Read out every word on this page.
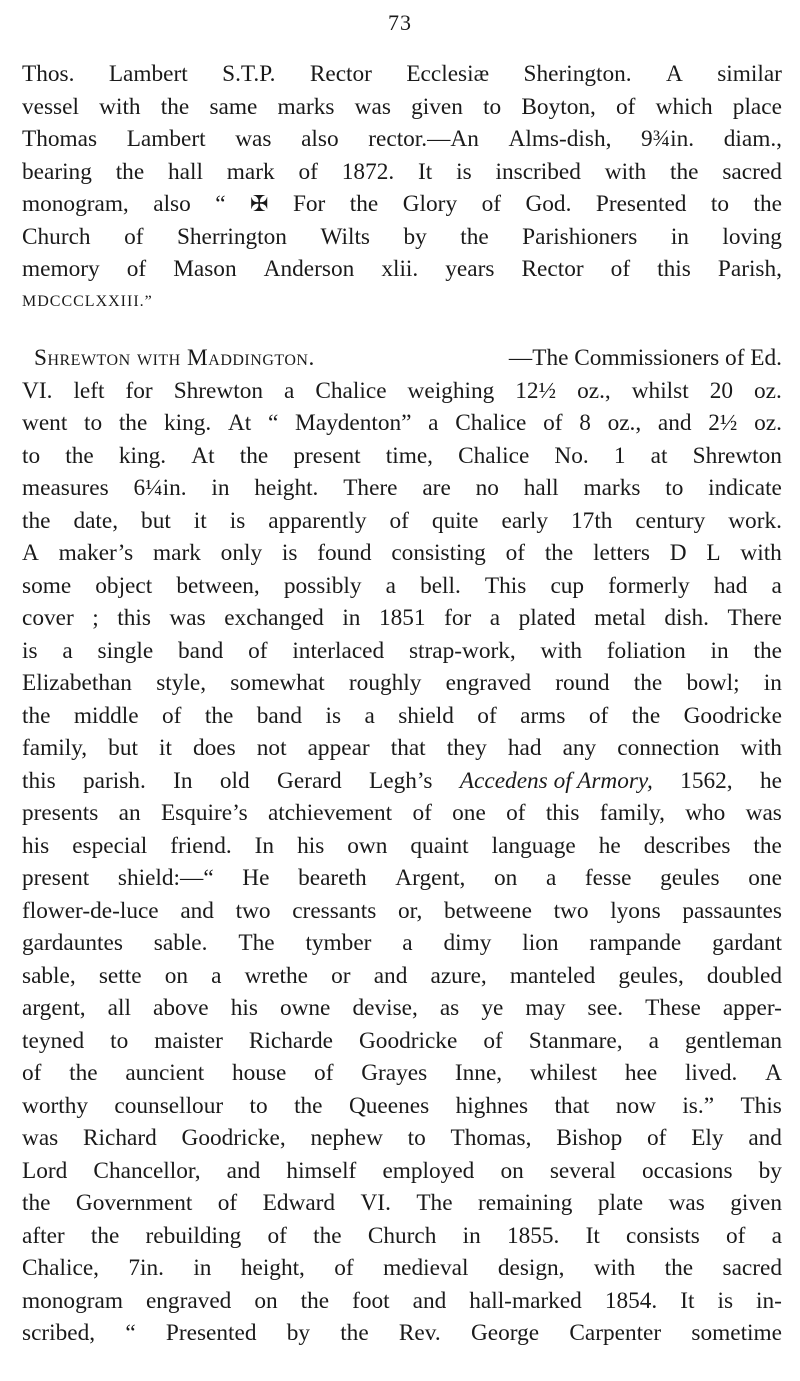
73
Thos. Lambert S.T.P. Rector Ecclesiæ Sherington. A similar
vessel with the same marks was given to Boyton, of which place
Thomas Lambert was also rector.—An Alms-dish, 9¾in. diam.,
bearing the hall mark of 1872. It is inscribed with the sacred
monogram, also “ ✠ For the Glory of God. Presented to the
Church of Sherrington Wilts by the Parishioners in loving
memory of Mason Anderson xlii. years Rector of this Parish,
MDCCCLXXIII.”
Shrewton with Maddington.	—The Commissioners of Ed.
VI. left for Shrewton a Chalice weighing 12½ oz., whilst 20 oz.
went to the king. At “ Maydenton” a Chalice of 8 oz., and 2½ oz.
to the king. At the present time, Chalice No. 1 at Shrewton
measures 6¼in. in height. There are no hall marks to indicate
the date, but it is apparently of quite early 17th century work.
A maker’s mark only is found consisting of the letters D L with
some object between, possibly a bell. This cup formerly had a
cover ; this was exchanged in 1851 for a plated metal dish. There
is a single band of interlaced strap-work, with foliation in the
Elizabethan style, somewhat roughly engraved round the bowl; in
the middle of the band is a shield of arms of the Goodricke
family, but it does not appear that they had any connection with
this parish. In old Gerard Legh’s Accedens of Armory, 1562, he
presents an Esquire’s atchievement of one of this family, who was
his especial friend. In his own quaint language he describes the
present shield:—“ He beareth Argent, on a fesse geules one
flower-de-luce and two cressants or, betweene two lyons passauntes
gardauntes sable. The tymber a dimy lion rampande gardant
sable, sette on a wrethe or and azure, manteled geules, doubled
argent, all above his owne devise, as ye may see. These apper-
teyned to maister Richarde Goodricke of Stanmare, a gentleman
of the auncient house of Grayes Inne, whilest hee lived. A
worthy counsellour to the Queenes highnes that now is.” This
was Richard Goodricke, nephew to Thomas, Bishop of Ely and
Lord Chancellor, and himself employed on several occasions by
the Government of Edward VI. The remaining plate was given
after the rebuilding of the Church in 1855. It consists of a
Chalice, 7in. in height, of medieval design, with the sacred
monogram engraved on the foot and hall-marked 1854. It is in-
scribed, “ Presented by the Rev. George Carpenter sometime
